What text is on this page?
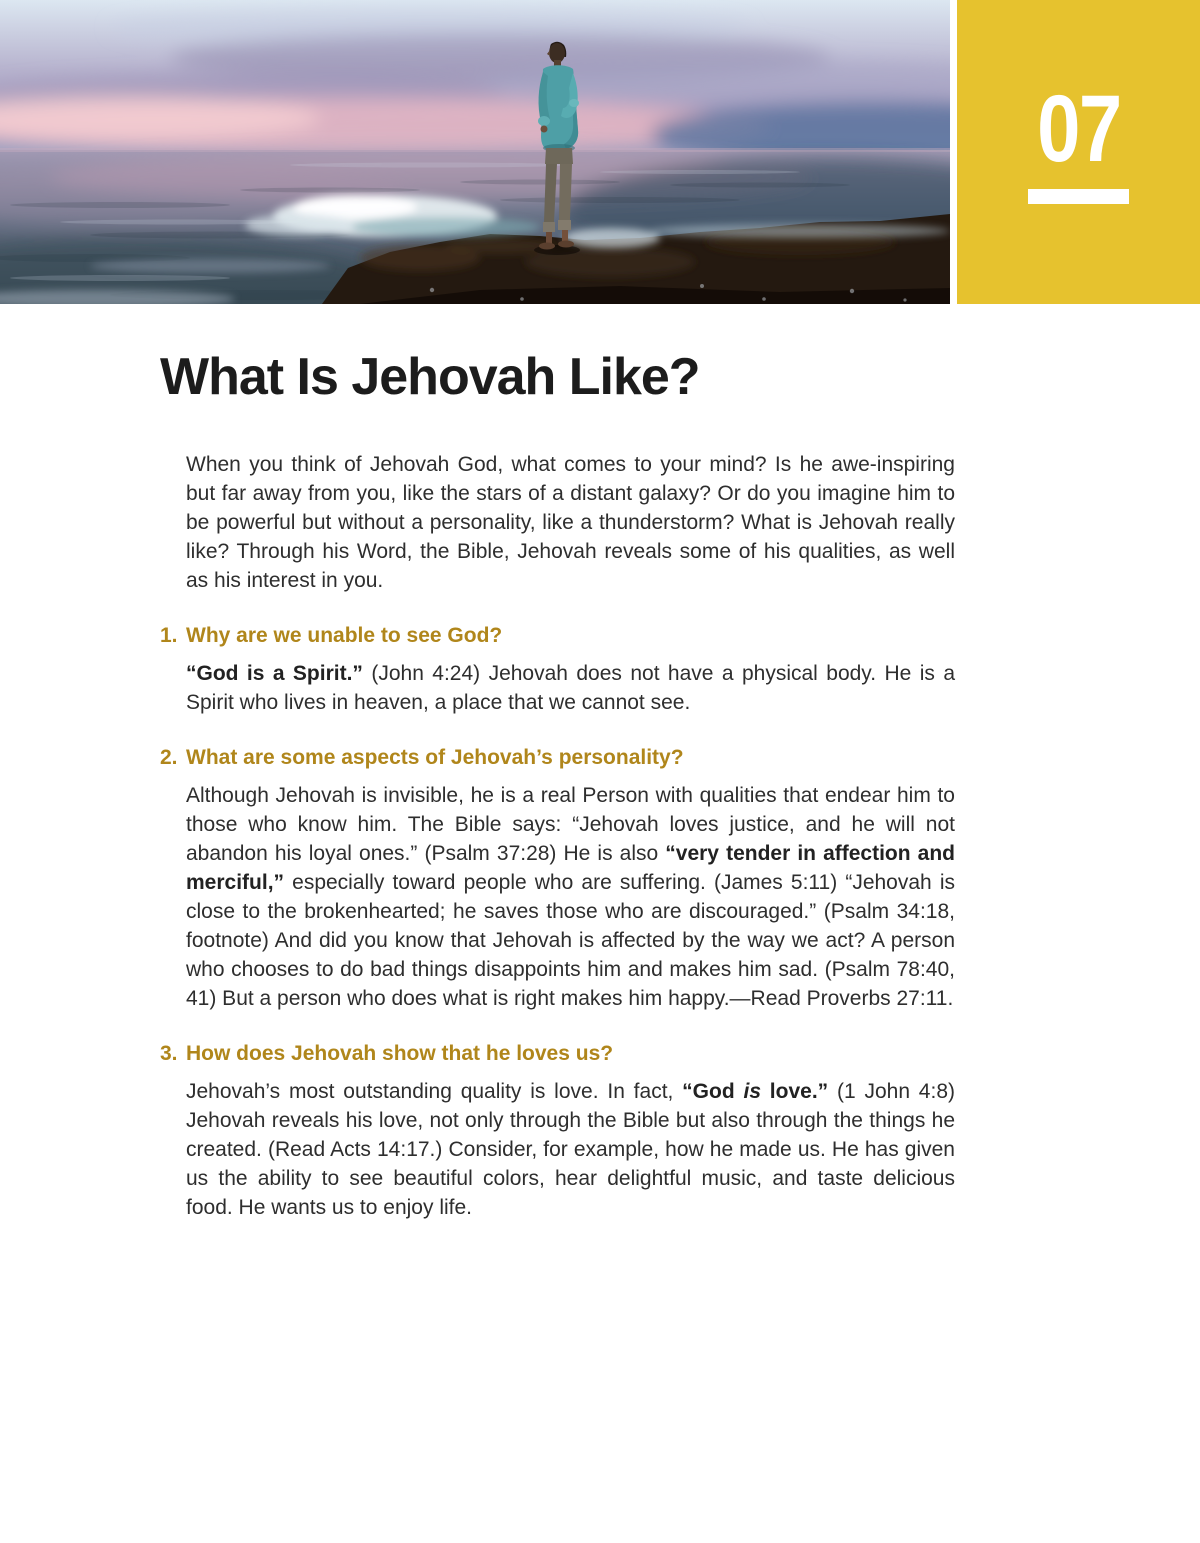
07
What Is Jehovah Like?

When you think of Jehovah God, what comes to your mind? Is he awe-inspiring but far away from you, like the stars of a distant galaxy? Or do you imagine him to be powerful but without a personality, like a thunderstorm? What is Jehovah really like? Through his Word, the Bible, Jehovah reveals some of his qualities, as well as his interest in you.

1. Why are we unable to see God?

“God is a Spirit.” (John 4:24) Jehovah does not have a physical body. He is a Spirit who lives in heaven, a place that we cannot see.

2. What are some aspects of Jehovah’s personality?

Although Jehovah is invisible, he is a real Person with qualities that endear him to those who know him. The Bible says: “Jehovah loves justice, and he will not abandon his loyal ones.” (Psalm 37:28) He is also “very tender in affection and merciful,” especially toward people who are suffering. (James 5:11) “Jehovah is close to the brokenhearted; he saves those who are discouraged.” (Psalm 34:18, footnote) And did you know that Jehovah is affected by the way we act? A person who chooses to do bad things disappoints him and makes him sad. (Psalm 78:40, 41) But a person who does what is right makes him happy.—Read Proverbs 27:11.

3. How does Jehovah show that he loves us?

Jehovah’s most outstanding quality is love. In fact, “God is love.” (1 John 4:8) Jehovah reveals his love, not only through the Bible but also through the things he created. (Read Acts 14:17.) Consider, for example, how he made us. He has given us the ability to see beautiful colors, hear delightful music, and taste delicious food. He wants us to enjoy life.
